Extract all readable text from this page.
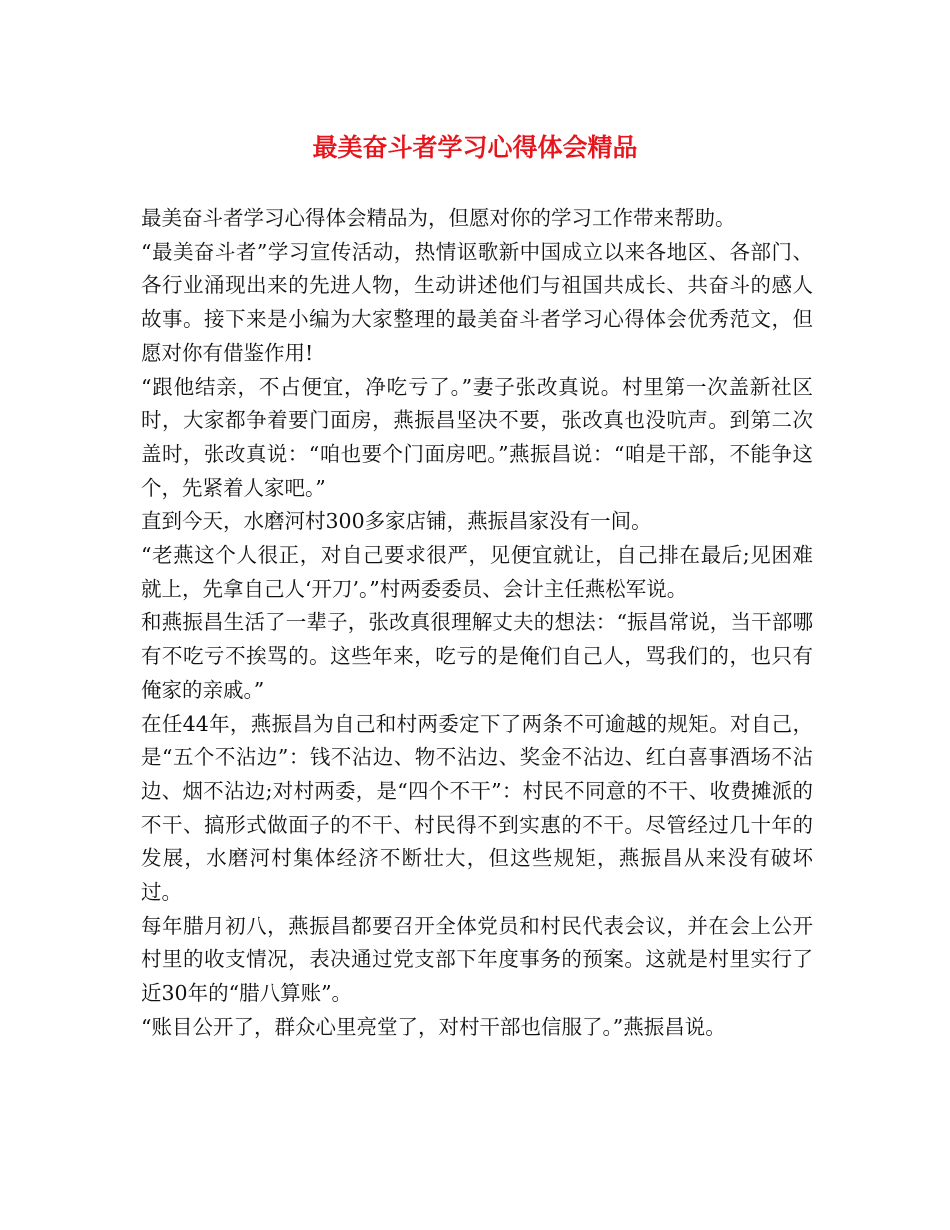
最美奋斗者学习心得体会精品

最美奋斗者学习心得体会精品为，但愿对你的学习工作带来帮助。

“最美奋斗者”学习宣传活动，热情讴歌新中国成立以来各地区、各部门、各行业涌现出来的先进人物，生动讲述他们与祖国共成长、共奋斗的感人故事。接下来是小编为大家整理的最美奋斗者学习心得体会优秀范文，但愿对你有借鉴作用!

“跟他结亲，不占便宜，净吃亏了。”妻子张改真说。村里第一次盖新社区时，大家都争着要门面房，燕振昌坚决不要，张改真也没吭声。到第二次盖时，张改真说：“咱也要个门面房吧。”燕振昌说：“咱是干部，不能争这个，先紧着人家吧。”

直到今天，水磨河村300多家店铺，燕振昌家没有一间。

“老燕这个人很正，对自己要求很严，见便宜就让，自己排在最后;见困难就上，先拿自己人‘开刀’。”村两委委员、会计主任燕松军说。

和燕振昌生活了一辈子，张改真很理解丈夫的想法：“振昌常说，当干部哪有不吃亏不挨骂的。这些年来，吃亏的是俺们自己人，骂我们的，也只有俺家的亲戚。”

在任44年，燕振昌为自己和村两委定下了两条不可逾越的规矩。对自己，是“五个不沾边”：钱不沾边、物不沾边、奖金不沾边、红白喜事酒场不沾边、烟不沾边;对村两委，是“四个不干”：村民不同意的不干、收费摊派的不干、搞形式做面子的不干、村民得不到实惠的不干。尽管经过几十年的发展，水磨河村集体经济不断壮大，但这些规矩，燕振昌从来没有破坏过。

每年腊月初八，燕振昌都要召开全体党员和村民代表会议，并在会上公开村里的收支情况，表决通过党支部下年度事务的预案。这就是村里实行了近30年的“腊八算账”。

“账目公开了，群众心里亮堂了，对村干部也信服了。”燕振昌说。
